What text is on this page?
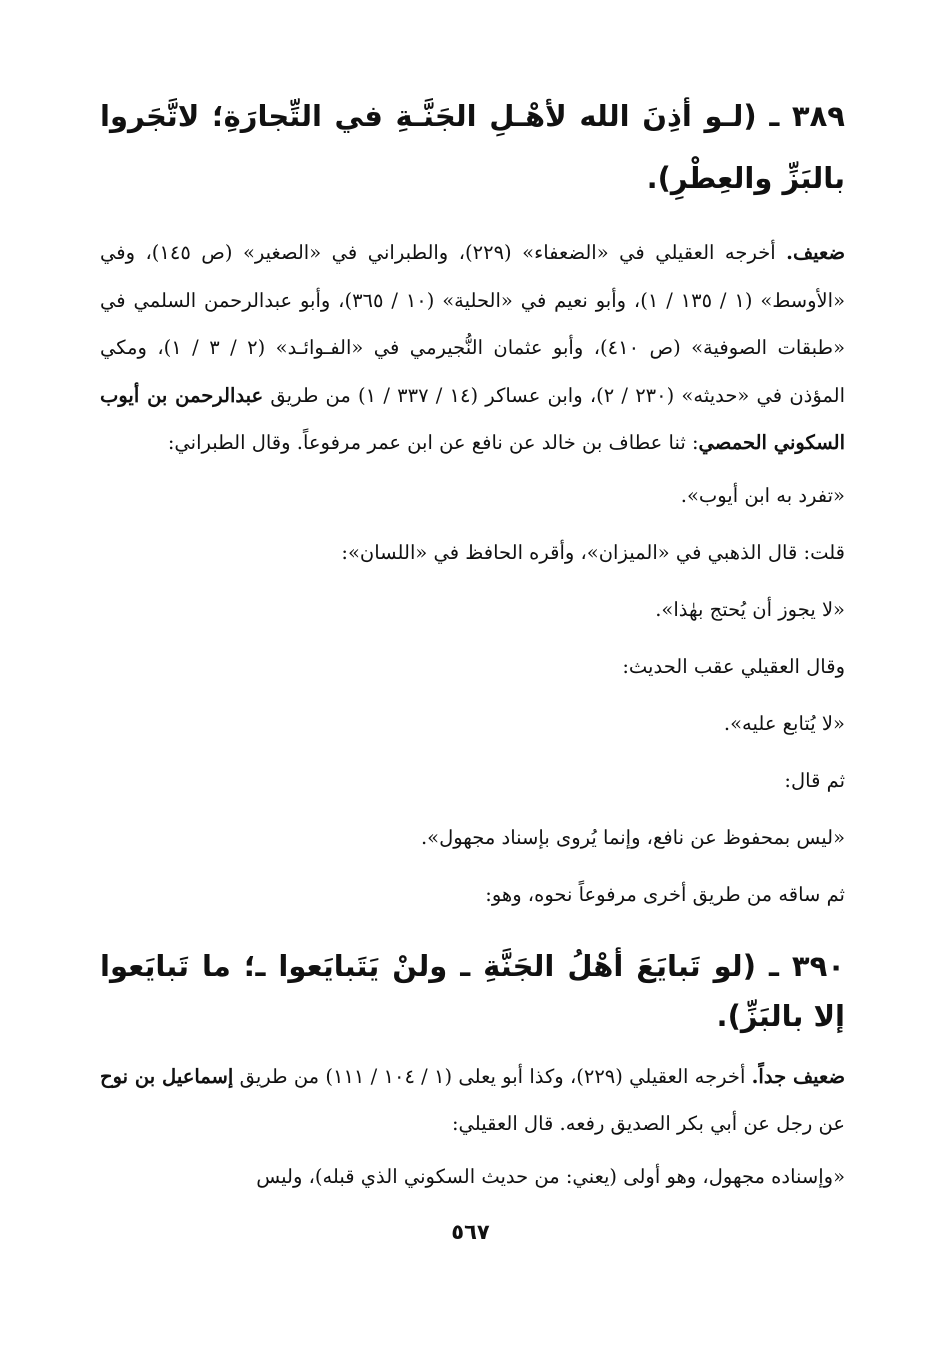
٣٨٩ ـ (لـو أذِنَ الله لأهْـلِ الجَنَّـةِ في التِّجارَةِ؛ لاتَّجَروا بالبَزِّ والعِطْرِ).

ضعيف. أخرجه العقيلي في «الضعفاء» (٢٢٩)، والطبراني في «الصغير» (ص ١٤٥)، وفي «الأوسط» (١ / ١٣٥ / ١)، وأبو نعيم في «الحلية» (١٠ / ٣٦٥)، وأبو عبدالرحمن السلمي في «طبقات الصوفية» (ص ٤١٠)، وأبو عثمان النُّجيرمي في «الفـوائـد» (٢ / ٣ / ١)، ومكي المؤذن في «حديثه» (٢٣٠ / ٢)، وابن عساكر (١٤ / ٣٣٧ / ١) من طريق عبدالرحمن بن أيوب السكوني الحمصي: ثنا عطاف بن خالد عن نافع عن ابن عمر مرفوعاً. وقال الطبراني:

«تفرد به ابن أيوب».

قلت: قال الذهبي في «الميزان»، وأقره الحافظ في «اللسان»:

«لا يجوز أن يُحتج بهٰذا».

وقال العقيلي عقب الحديث:

«لا يُتابع عليه».

ثم قال:

«ليس بمحفوظ عن نافع، وإنما يُروى بإسناد مجهول».

ثم ساقه من طريق أخرى مرفوعاً نحوه، وهو:

٣٩٠ ـ (لو تَبايَعَ أهْلُ الجَنَّةِ ـ ولنْ يَتَبايَعوا ـ؛ ما تَبايَعوا إلا بالبَزِّ).

ضعيف جداً. أخرجه العقيلي (٢٢٩)، وكذا أبو يعلى (١ / ١٠٤ / ١١١) من طريق إسماعيل بن نوح عن رجل عن أبي بكر الصديق رفعه. قال العقيلي:

«وإسناده مجهول، وهو أولى (يعني: من حديث السكوني الذي قبله)، وليس

٥٦٧
